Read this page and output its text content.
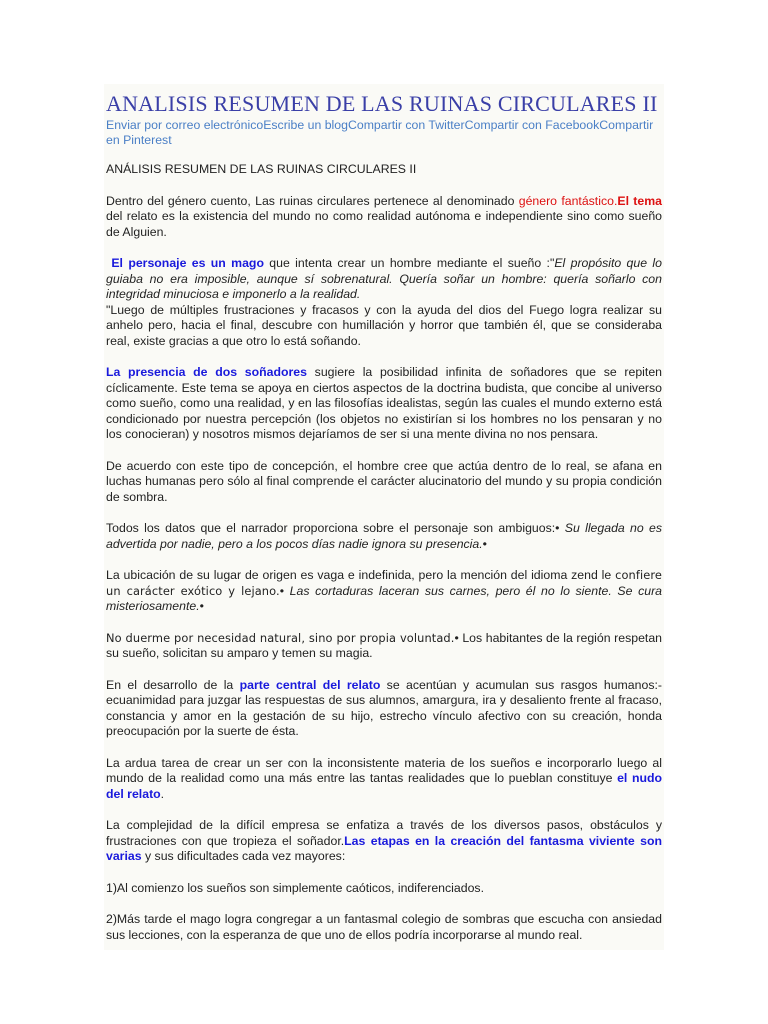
ANALISIS RESUMEN DE LAS RUINAS CIRCULARES II
Enviar por correo electrónicoEscribe un blogCompartir con TwitterCompartir con FacebookCompartir en Pinterest

ANÁLISIS RESUMEN DE LAS RUINAS CIRCULARES II

Dentro del género cuento, Las ruinas circulares pertenece al denominado género fantástico.El tema del relato es la existencia del mundo no como realidad autónoma e independiente sino como sueño de Alguien.

El personaje es un mago que intenta crear un hombre mediante el sueño :"El propósito que lo guiaba no era imposible, aunque sí sobrenatural. Quería soñar un hombre: quería soñarlo con integridad minuciosa e imponerlo a la realidad.
"Luego de múltiples frustraciones y fracasos y con la ayuda del dios del Fuego logra realizar su anhelo pero, hacia el final, descubre con humillación y horror que también él, que se consideraba real, existe gracias a que otro lo está soñando.

La presencia de dos soñadores sugiere la posibilidad infinita de soñadores que se repiten cíclicamente. Este tema se apoya en ciertos aspectos de la doctrina budista, que concibe al universo como sueño, como una realidad, y en las filosofías idealistas, según las cuales el mundo externo está condicionado por nuestra percepción (los objetos no existirían si los hombres no los pensaran y no los conocieran) y nosotros mismos dejaríamos de ser si una mente divina no nos pensara.

De acuerdo con este tipo de concepción, el hombre cree que actúa dentro de lo real, se afana en luchas humanas pero sólo al final comprende el carácter alucinatorio del mundo y su propia condición de sombra.

Todos los datos que el narrador proporciona sobre el personaje son ambiguos:• Su llegada no es advertida por nadie, pero a los pocos días nadie ignora su presencia.•

La ubicación de su lugar de origen es vaga e indefinida, pero la mención del idioma zend le confiere un carácter exótico y lejano.• Las cortaduras laceran sus carnes, pero él no lo siente. Se cura misteriosamente.•

No duerme por necesidad natural, sino por propia voluntad.• Los habitantes de la región respetan su sueño, solicitan su amparo y temen su magia.

En el desarrollo de la parte central del relato se acentúan y acumulan sus rasgos humanos:- ecuanimidad para juzgar las respuestas de sus alumnos, amargura, ira y desaliento frente al fracaso, constancia y amor en la gestación de su hijo, estrecho vínculo afectivo con su creación, honda preocupación por la suerte de ésta.

La ardua tarea de crear un ser con la inconsistente materia de los sueños e incorporarlo luego al mundo de la realidad como una más entre las tantas realidades que lo pueblan constituye el nudo del relato.

La complejidad de la difícil empresa se enfatiza a través de los diversos pasos, obstáculos y frustraciones con que tropieza el soñador.Las etapas en la creación del fantasma viviente son varias y sus dificultades cada vez mayores:

1)Al comienzo los sueños son simplemente caóticos, indiferenciados.

2)Más tarde el mago logra congregar a un fantasmal colegio de sombras que escucha con ansiedad sus lecciones, con la esperanza de que uno de ellos podría incorporarse al mundo real.
